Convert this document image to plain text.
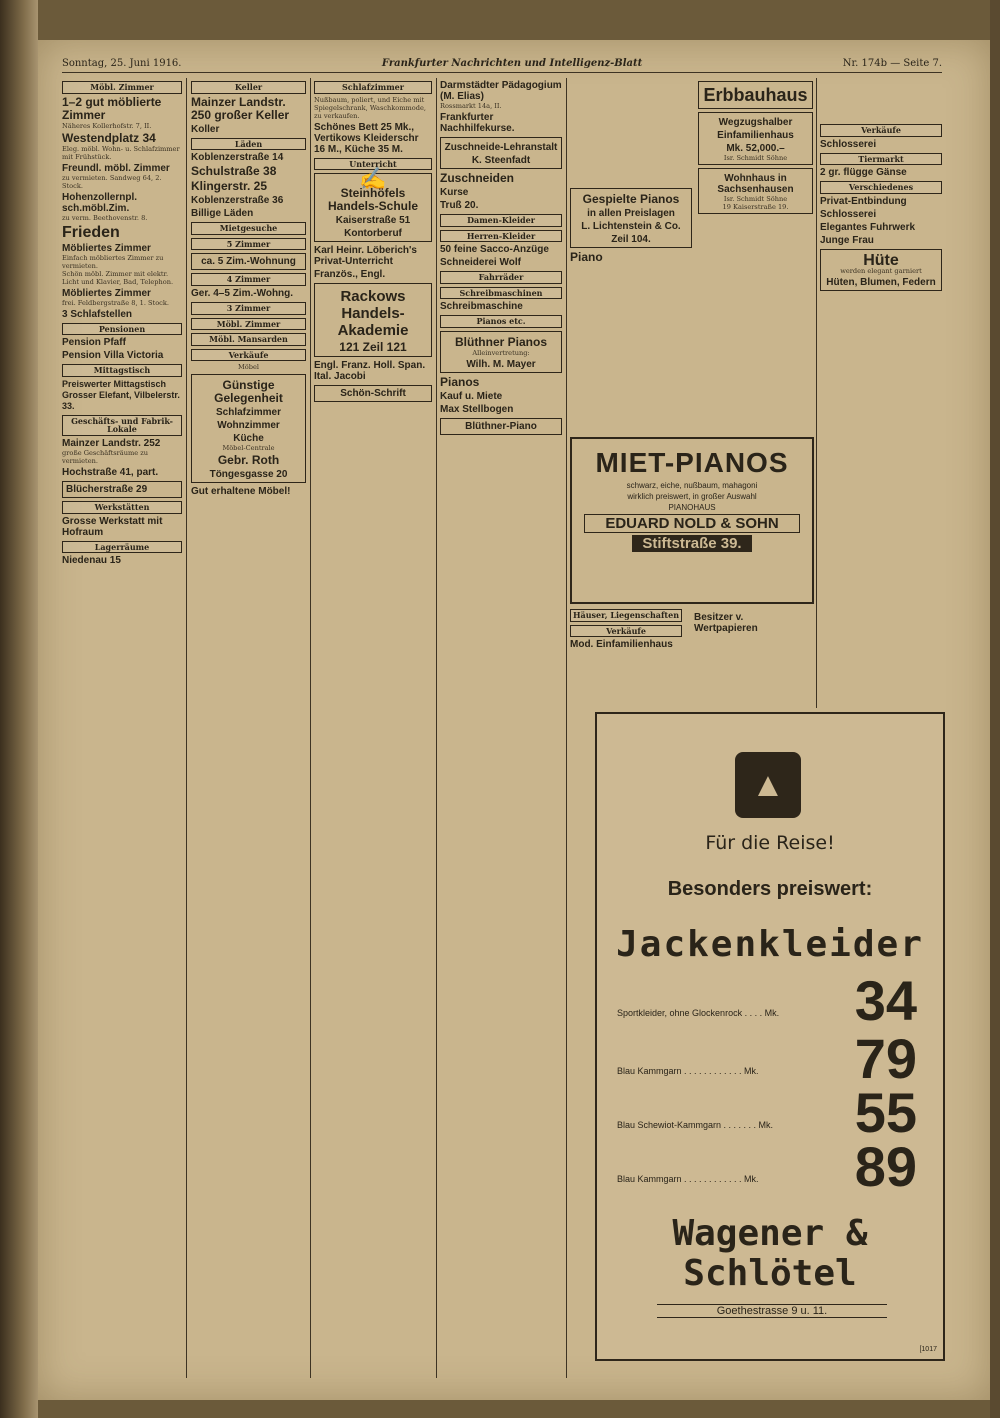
Sonntag, 25. Juni 1916.	Frankfurter Nachrichten und Intelligenz-Blatt	Nr. 174b — Seite 7.
Möbl. Zimmer
1–2 gut möblierte Zimmer
Näheres Kollerhofstr. 7, II.
Westendplatz 34
Eleg. möbl. Wohn- u. Schlafzimmer mit Frühstück.
Freundl. möbl. Zimmer
zu vermieten. Sandweg 64, 2. Stock.
Hohenzollernpl. sch.möbl.Zim.
zu verm. Beethovenstr. 8.
Frieden
Möbliertes Zimmer
Einfach möbliertes Zimmer zu vermieten.
Schön möbl. Zimmer mit elektr. Licht und Klavier, Bad, Telephon.
Möbliertes Zimmer
frei. Feldbergstraße 8, 1. Stock.
3 Schlafstellen
Pensionen
Pension Pfaff
Pension Villa Victoria
Mittagstisch
Preiswerter Mittagstisch Grosser Elefant, Vilbelerstr. 33.
Geschäfts- und Fabrik-Lokale
Mainzer Landstr. 252
große Geschäftsräume zu vermieten.
Hochstraße 41, part.
Blücherstraße 29
Werkstätten
Grosse Werkstatt mit Hofraum
Lagerräume
Niedenau 15
Keller
Mainzer Landstr. 250 großer Keller
Koller
Läden
Koblenzerstraße 14
Schulstraße 38
Klingerstr. 25
Koblenzerstraße 36
Billige Läden
Mietgesuche
5 Zimmer
ca. 5 Zim.-Wohnung
4 Zimmer
Ger. 4–5 Zim.-Wohng.
3 Zimmer
Möbl. Zimmer
Möbl. Mansarden
Verkäufe
Möbel
Günstige Gelegenheit
Schlafzimmer
Wohnzimmer
Küche
Möbel-Centrale
Gebr. Roth
Töngesgasse 20
Gut erhaltene Möbel!
Schlafzimmer
Nußbaum, poliert, und Eiche mit Spiegelschrank, Waschkommode, zu verkaufen.
Schönes Bett 25 Mk., Vertikows Kleiderschr 16 M., Küche 35 M.
Unterricht
✍
Steinhöfels Handels-Schule
Kaiserstraße 51
Kontorberuf
Karl Heinr. Löberich's Privat-Unterricht
Französ., Engl.
Rackows Handels-Akademie
121 Zeil 121
Engl. Franz. Holl. Span. Ital. Jacobi
Schön-Schrift
Darmstädter Pädagogium (M. Elias)
Rossmarkt 14a, II.
Frankfurter Nachhilfekurse.
Zuschneide-Lehranstalt
K. Steenfadt
Zuschneiden
Kurse
Truß 20.
Damen-Kleider
Herren-Kleider
50 feine Sacco-Anzüge
Schneiderei Wolf
Fahrräder
Schreibmaschinen
Schreibmaschine
Pianos etc.
Blüthner Pianos
Alleinvertretung:
Wilh. M. Mayer
Pianos
Kauf u. Miete
Max Stellbogen
Blüthner-Piano
Gespielte Pianos
in allen Preislagen
L. Lichtenstein & Co.
Zeil 104.
Piano
Erbbauhaus
Wegzugshalber
Einfamilienhaus
Mk. 52,000.–
Isr. Schmidt Söhne
Wohnhaus in Sachsenhausen
Isr. Schmidt Söhne
19 Kaiserstraße 19.
Verkäufe
Schlosserei
Tiermarkt
2 gr. flügge Gänse
Verschiedenes
Privat-Entbindung
Schlosserei
Elegantes Fuhrwerk
Junge Frau
Hüte
werden elegant garniert
Hüten, Blumen, Federn
MIET-PIANOS
schwarz, eiche, nußbaum, mahagoni
wirklich preiswert, in großer Auswahl
PIANOHAUS
EDUARD NOLD & SOHN
Stiftstraße 39.
Häuser, Liegenschaften
Verkäufe
Mod. Einfamilienhaus
Besitzer v. Wertpapieren
▲
Für die Reise!
Besonders preiswert:
Jackenkleider
Sportkleider, ohne Glockenrock . . . . Mk. 34
Blau Kammgarn . . . . . . . . . . . . Mk. 79
Blau Schewiot-Kammgarn . . . . . . . Mk. 55
Blau Kammgarn . . . . . . . . . . . . Mk. 89
Wagener & Schlötel
Goethestrasse 9 u. 11.
[1017
